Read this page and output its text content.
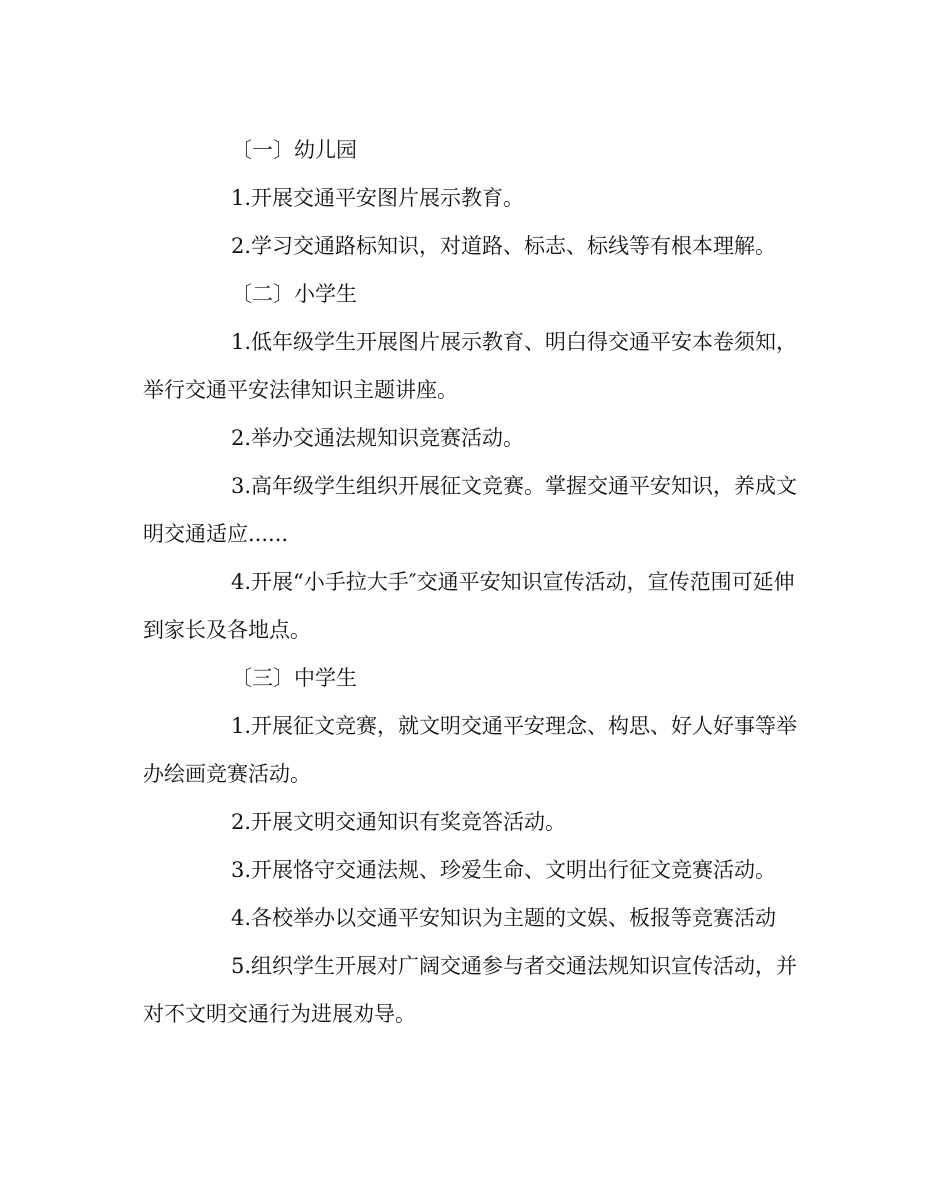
〔一〕幼儿园

1.开展交通平安图片展示教育。

2.学习交通路标知识，对道路、标志、标线等有根本理解。

〔二〕小学生

1.低年级学生开展图片展示教育、明白得交通平安本卷须知，举行交通平安法律知识主题讲座。

2.举办交通法规知识竞赛活动。

3.高年级学生组织开展征文竞赛。掌握交通平安知识，养成文明交通适应......

4.开展“小手拉大手″交通平安知识宣传活动，宣传范围可延伸到家长及各地点。

〔三〕中学生

1.开展征文竞赛，就文明交通平安理念、构思、好人好事等举办绘画竞赛活动。

2.开展文明交通知识有奖竞答活动。

3.开展恪守交通法规、珍爱生命、文明出行征文竞赛活动。

4.各校举办以交通平安知识为主题的文娱、板报等竞赛活动

5.组织学生开展对广阔交通参与者交通法规知识宣传活动，并对不文明交通行为进展劝导。
